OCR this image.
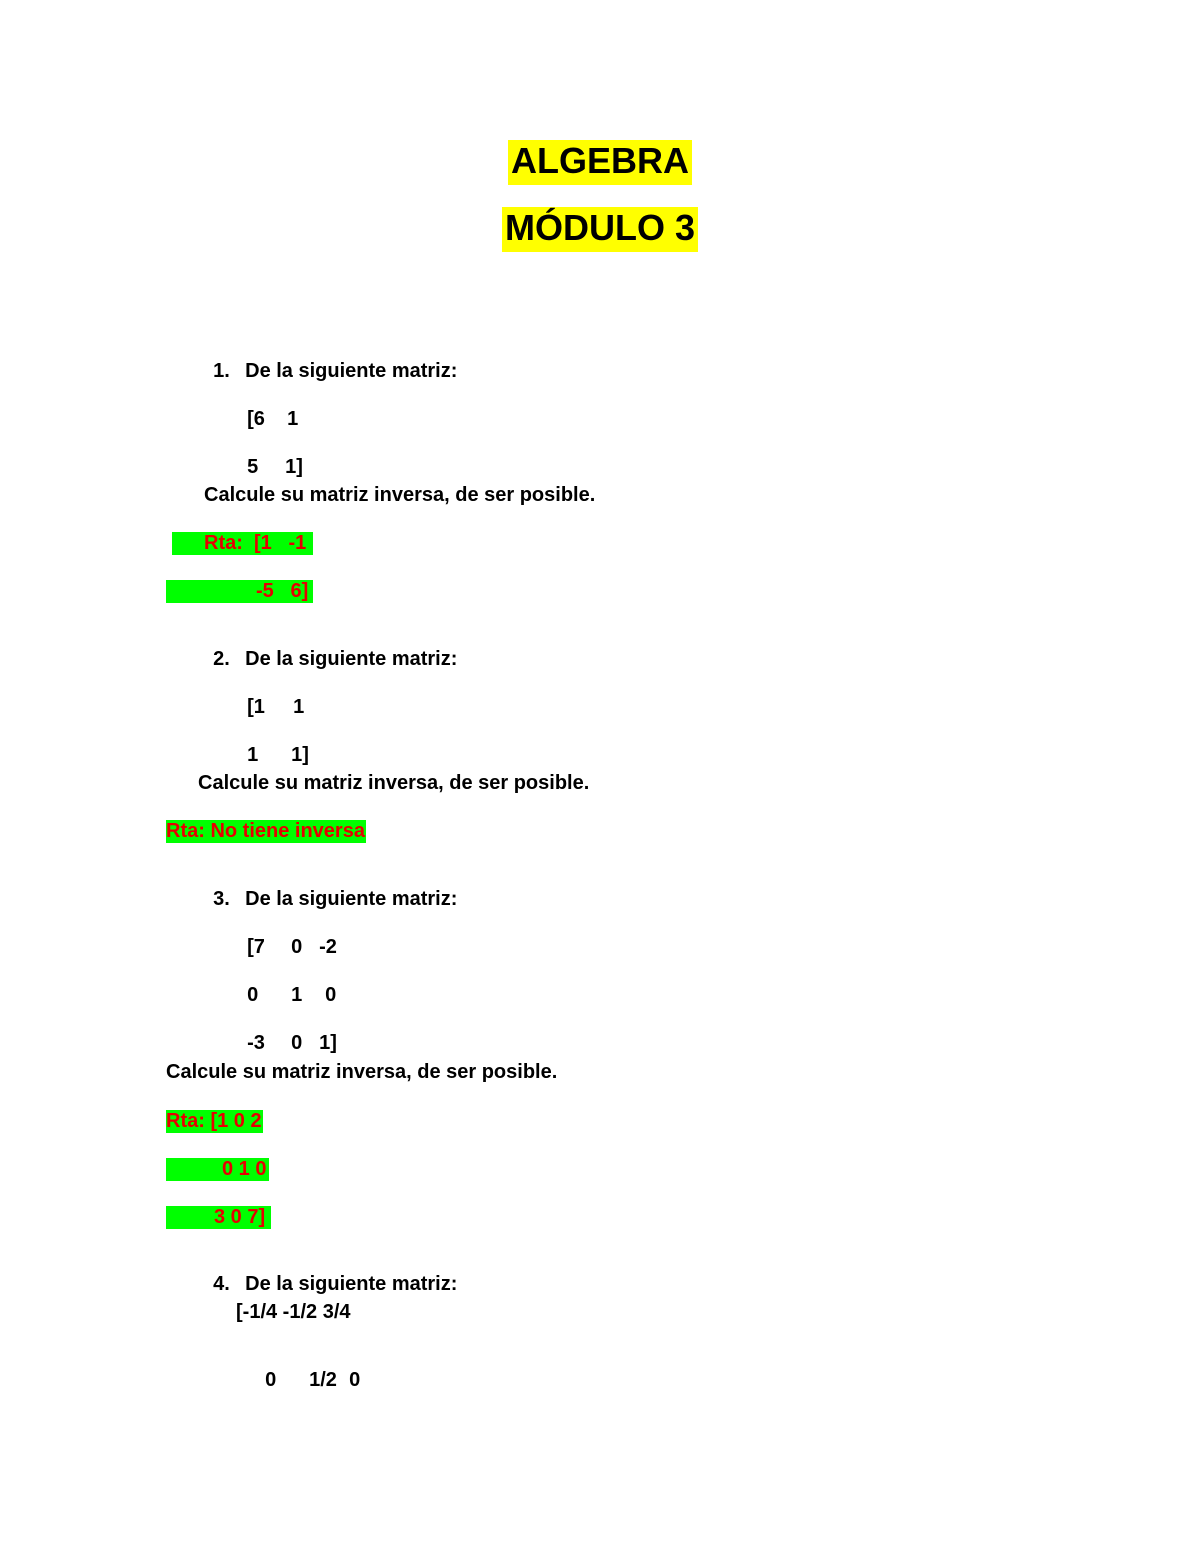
ALGEBRA
MÓDULO 3

1. De la siguiente matriz:

[6 1

5 1]

Calcule su matriz inversa, de ser posible.
Rta:  [1   -1
-5   6]

2. De la siguiente matriz:

[1 1

1 1]

Calcule su matriz inversa, de ser posible.
Rta: No tiene inversa

3. De la siguiente matriz:

[7 0 -2

0 1 0

-3 0 1]

Calcule su matriz inversa, de ser posible.
Rta: [1 0 2
0 1 0
3 0 7]

4. De la siguiente matriz:

[-1/4 -1/2 3/4

0 1/2 0
